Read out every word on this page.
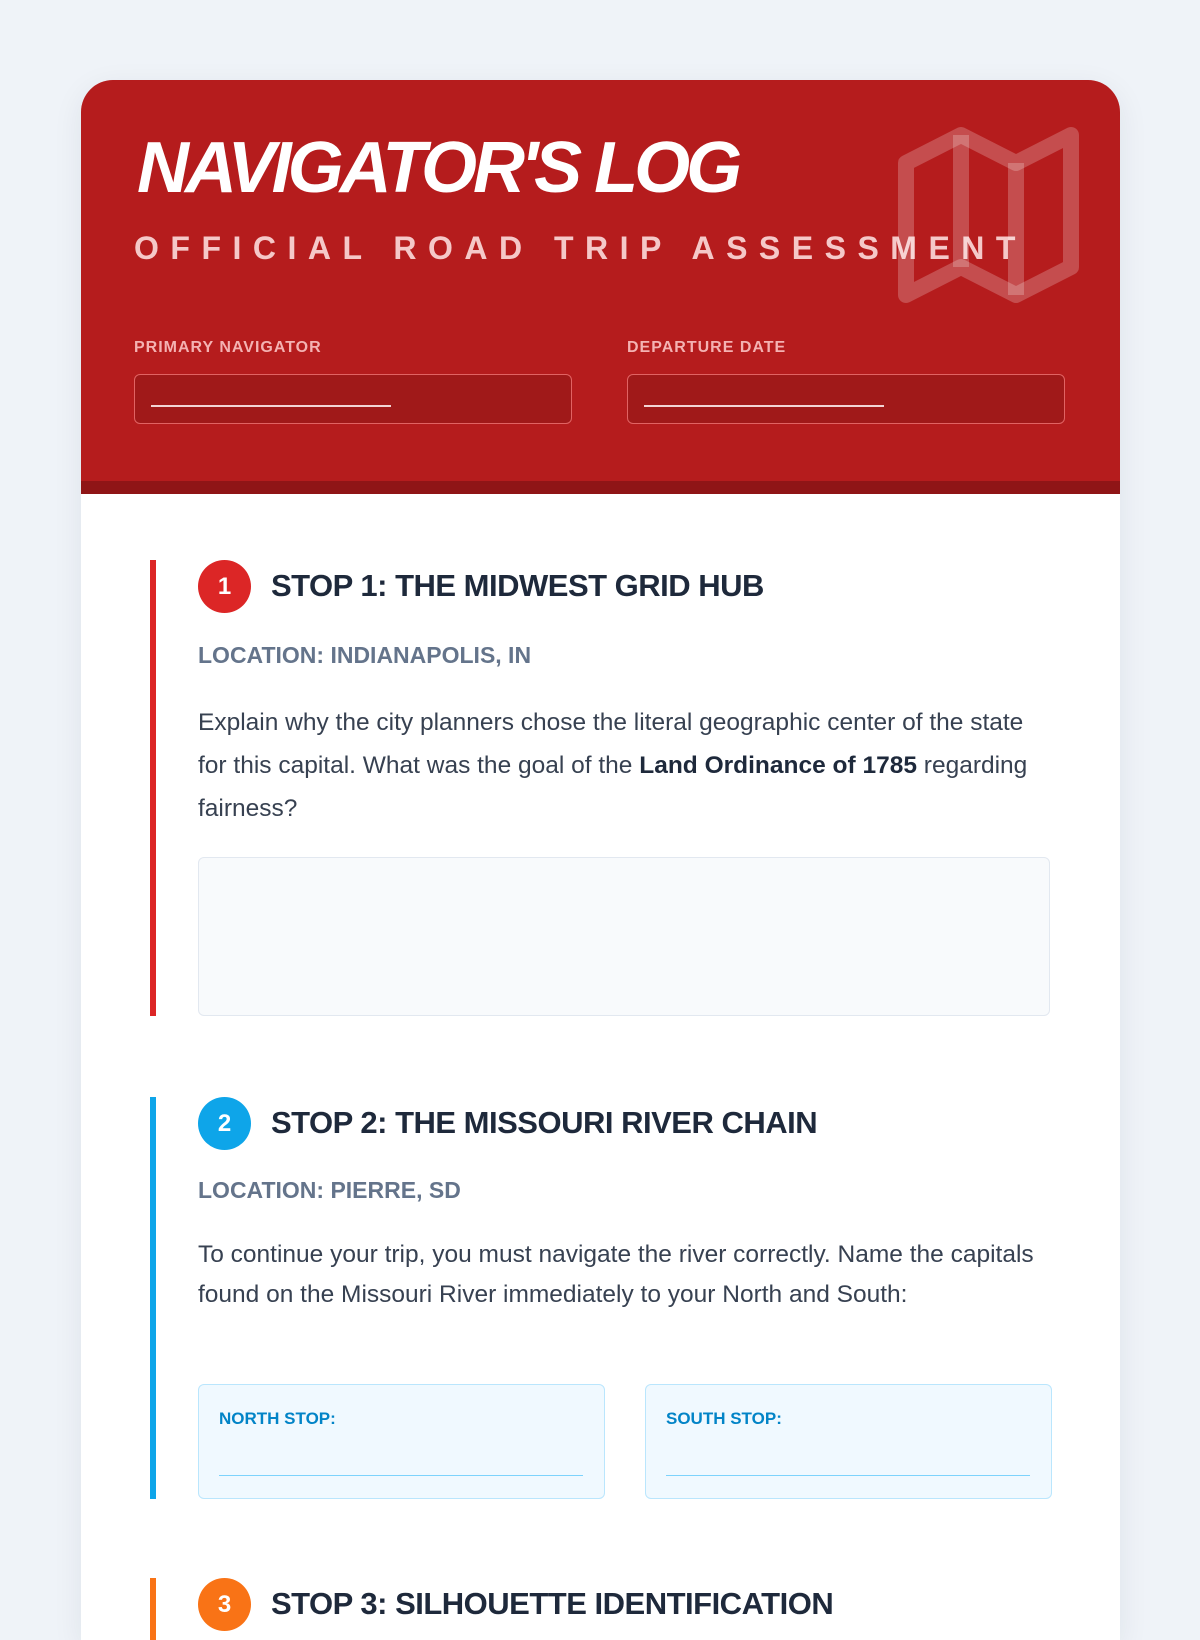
NAVIGATOR'S LOG
OFFICIAL ROAD TRIP ASSESSMENT
PRIMARY NAVIGATOR	DEPARTURE DATE
1	STOP 1: THE MIDWEST GRID HUB
LOCATION: INDIANAPOLIS, IN
Explain why the city planners chose the literal geographic center of the state for this capital. What was the goal of the Land Ordinance of 1785 regarding fairness?
2	STOP 2: THE MISSOURI RIVER CHAIN
LOCATION: PIERRE, SD
To continue your trip, you must navigate the river correctly. Name the capitals found on the Missouri River immediately to your North and South:
NORTH STOP:	SOUTH STOP:
3	STOP 3: SILHOUETTE IDENTIFICATION
